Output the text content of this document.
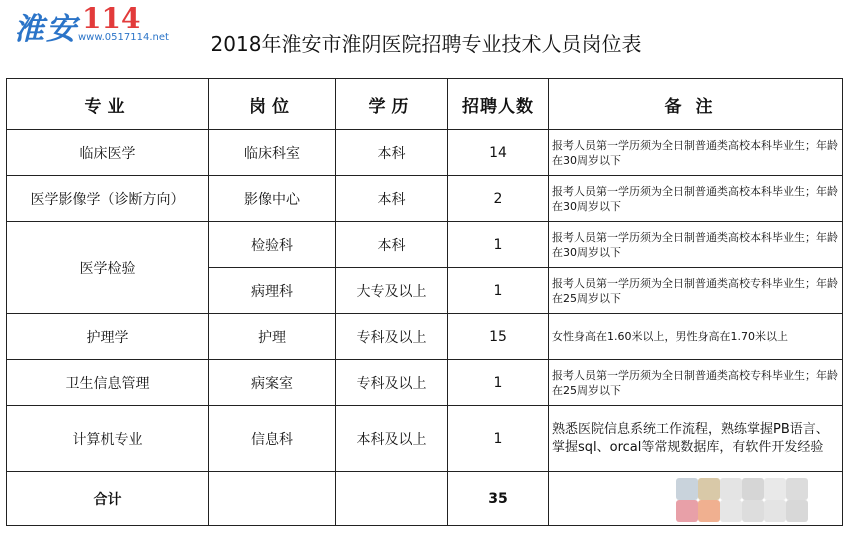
淮安 114
www.0517114.net	2018年淮安市淮阴医院招聘专业技术人员岗位表
专业	岗位	学历	招聘人数	备注
临床医学	临床科室	本科	14	报考人员第一学历须为全日制普通类高校本科毕业生；年龄在30周岁以下
医学影像学（诊断方向）	影像中心	本科	2	报考人员第一学历须为全日制普通类高校本科毕业生；年龄在30周岁以下
医学检验	检验科	本科	1	报考人员第一学历须为全日制普通类高校本科毕业生；年龄在30周岁以下
	病理科	大专及以上	1	报考人员第一学历须为全日制普通类高校专科毕业生；年龄在25周岁以下
护理学	护理	专科及以上	15	女性身高在1.60米以上，男性身高在1.70米以上
卫生信息管理	病案室	专科及以上	1	报考人员第一学历须为全日制普通类高校专科毕业生；年龄在25周岁以下
计算机专业	信息科	本科及以上	1	熟悉医院信息系统工作流程，熟练掌握PB语言、掌握sql、orcal等常规数据库，有软件开发经验
合计			35	
